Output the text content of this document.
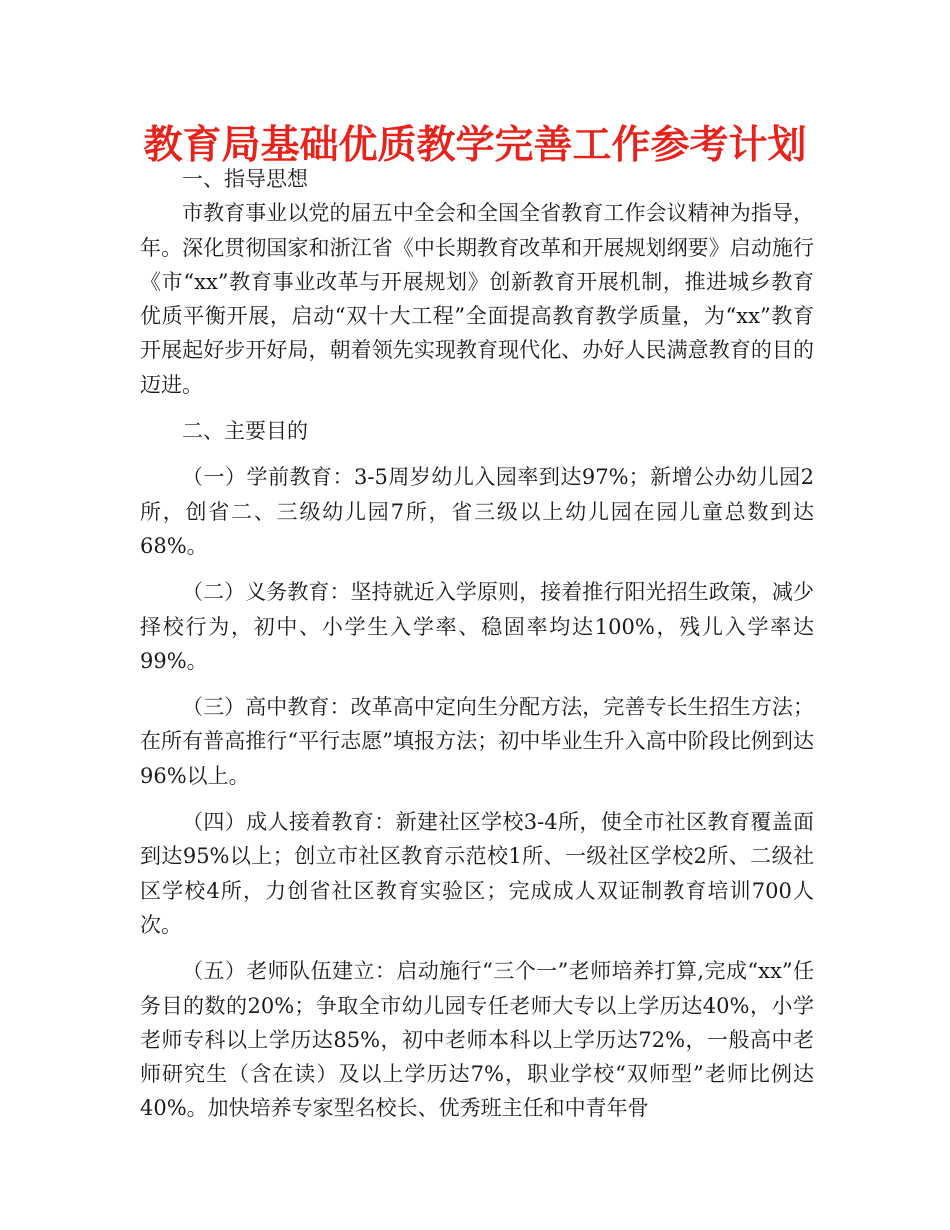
教育局基础优质教学完善工作参考计划

一、指导思想

市教育事业以党的届五中全会和全国全省教育工作会议精神为指导，年。深化贯彻国家和浙江省《中长期教育改革和开展规划纲要》启动施行《市“xx”教育事业改革与开展规划》创新教育开展机制，推进城乡教育优质平衡开展，启动“双十大工程”全面提高教育教学质量，为“xx”教育开展起好步开好局，朝着领先实现教育现代化、办好人民满意教育的目的迈进。

二、主要目的

（一）学前教育：3-5周岁幼儿入园率到达97%；新增公办幼儿园2所，创省二、三级幼儿园7所，省三级以上幼儿园在园儿童总数到达68%。

（二）义务教育：坚持就近入学原则，接着推行阳光招生政策，减少择校行为，初中、小学生入学率、稳固率均达100%，残儿入学率达99%。

（三）高中教育：改革高中定向生分配方法，完善专长生招生方法；在所有普高推行“平行志愿”填报方法；初中毕业生升入高中阶段比例到达96%以上。

（四）成人接着教育：新建社区学校3-4所，使全市社区教育覆盖面到达95%以上；创立市社区教育示范校1所、一级社区学校2所、二级社区学校4所，力创省社区教育实验区；完成成人双证制教育培训700人次。

（五）老师队伍建立：启动施行“三个一”老师培养打算,完成“xx”任务目的数的20%；争取全市幼儿园专任老师大专以上学历达40%，小学老师专科以上学历达85%，初中老师本科以上学历达72%，一般高中老师研究生（含在读）及以上学历达7%，职业学校“双师型”老师比例达40%。加快培养专家型名校长、优秀班主任和中青年骨
